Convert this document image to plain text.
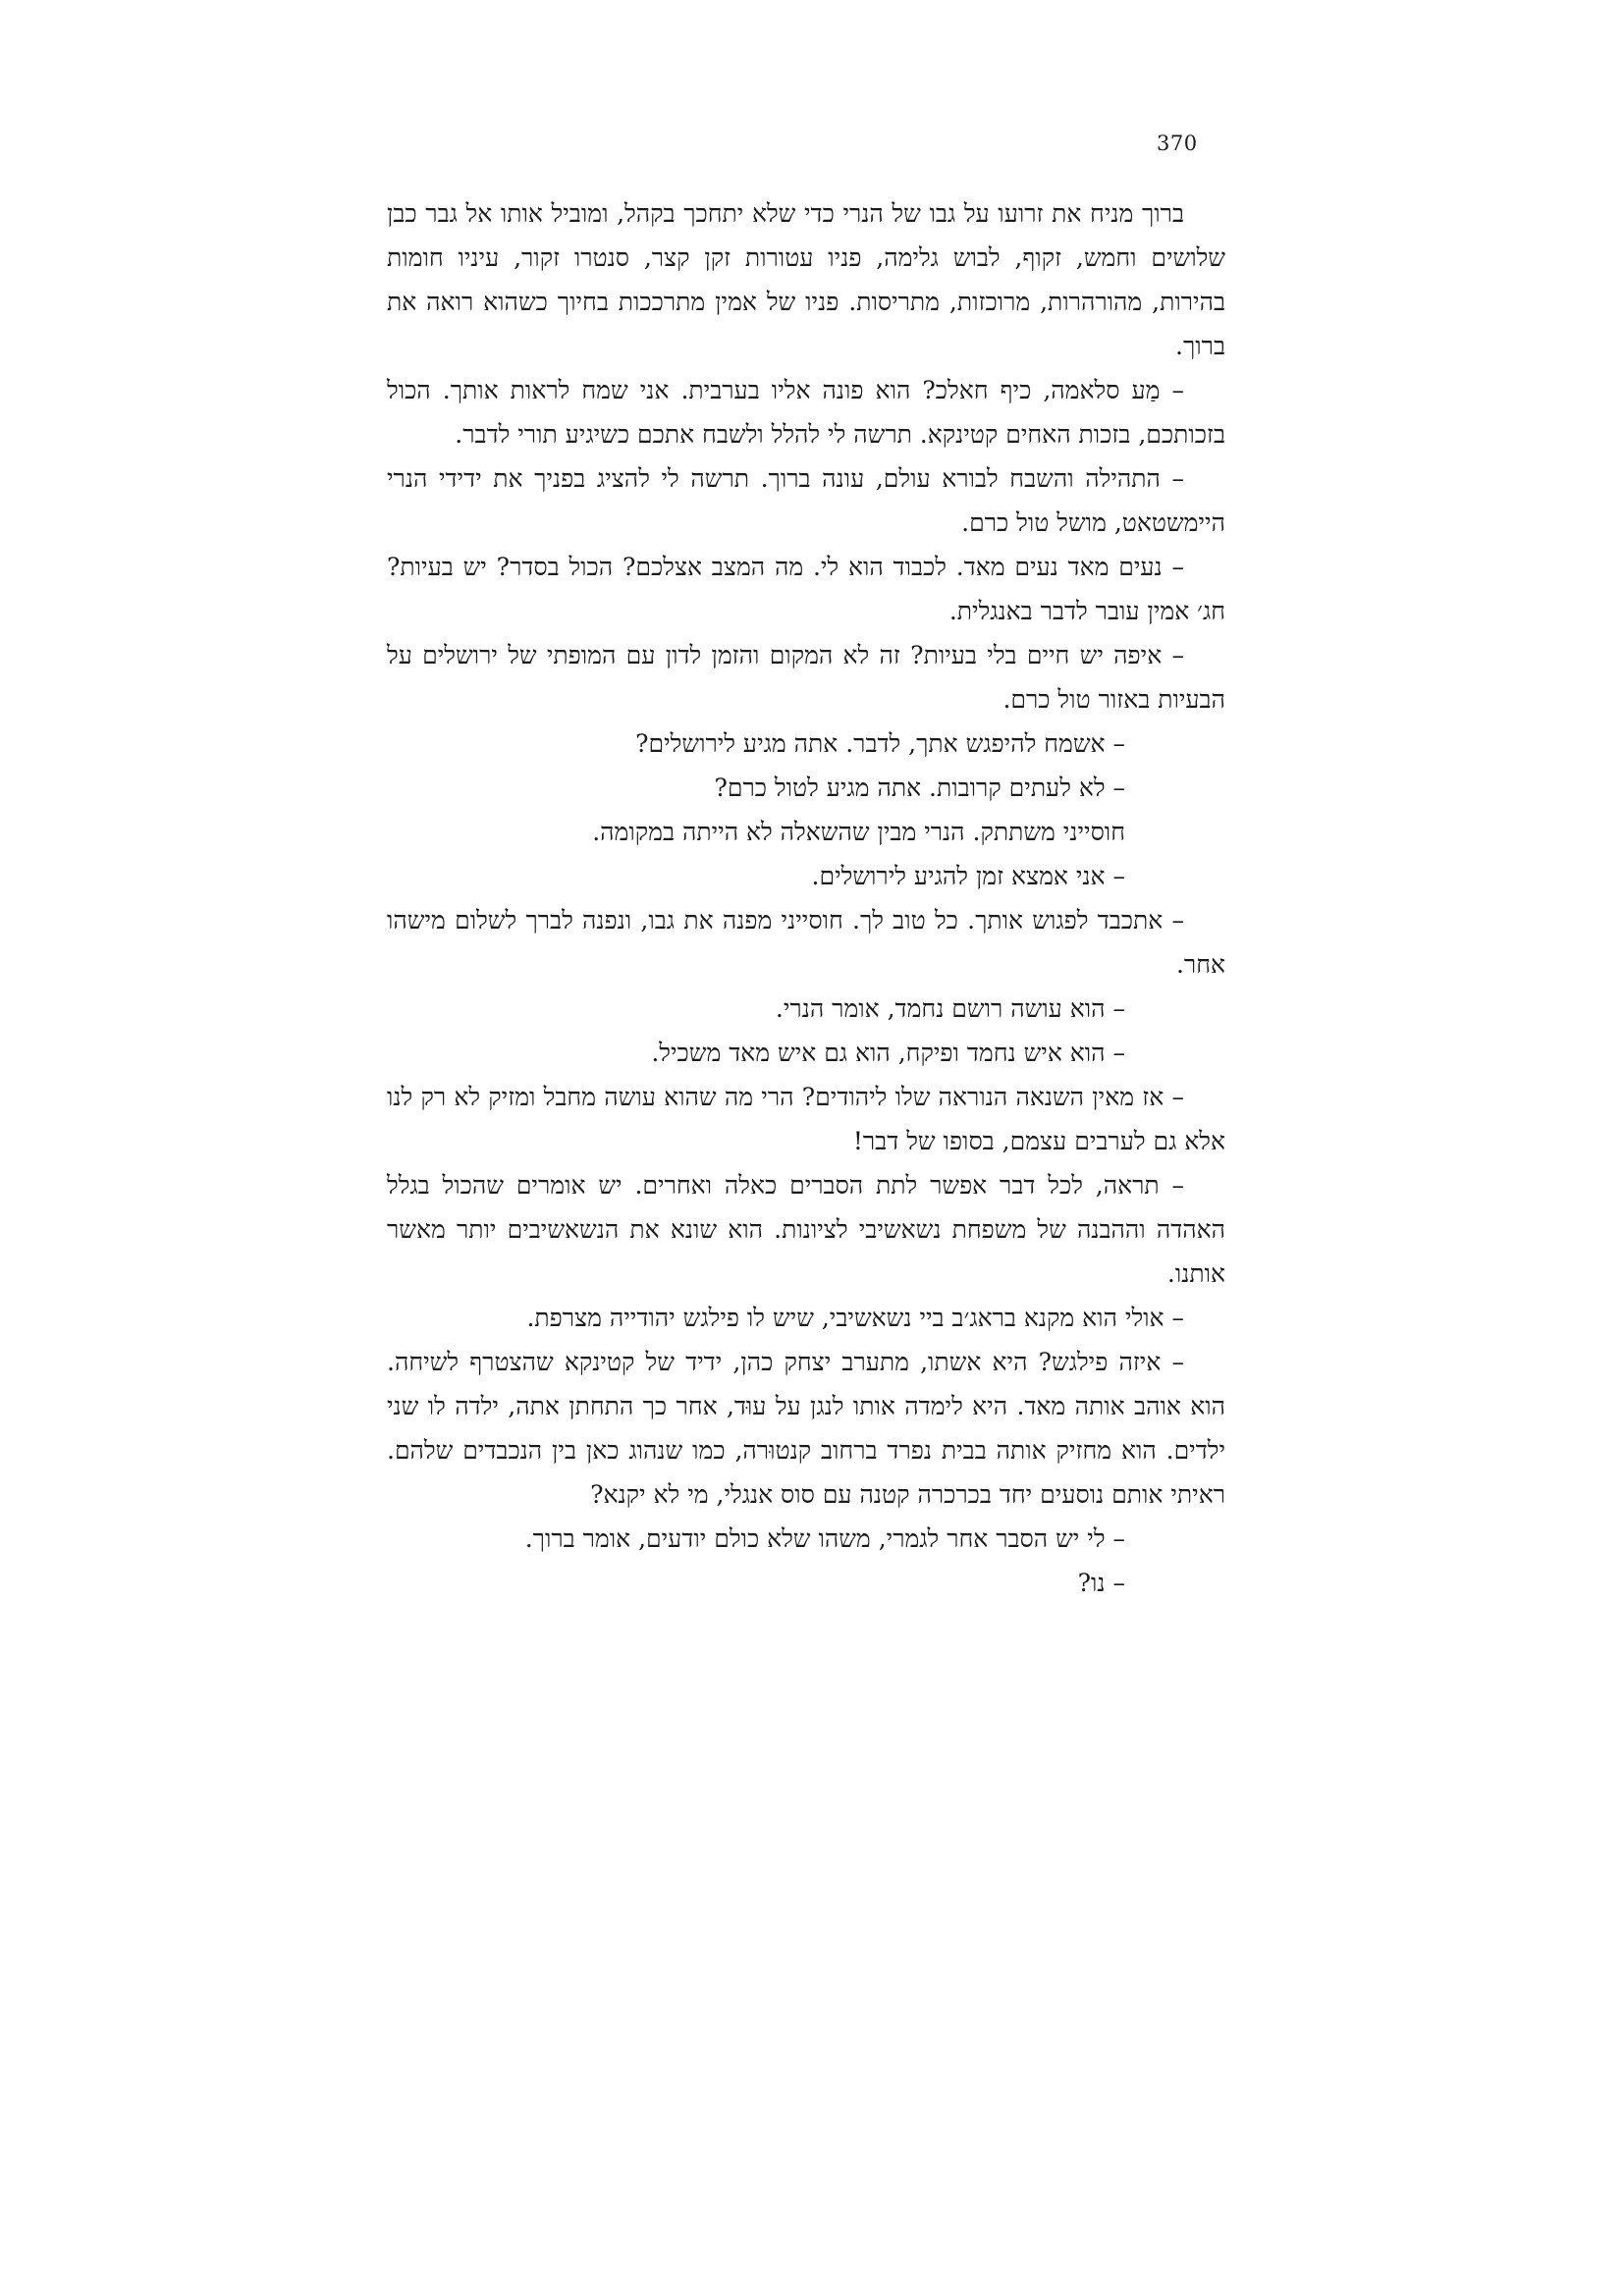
370

ברוך מניח את זרועו על גבו של הנרי כדי שלא יתחכך בקהל, ומוביל אותו אל גבר כבן שלושים וחמש, זקוף, לבוש גלימה, פניו עטורות זקן קצר, סנטרו זקור, עיניו חומות בהירות, מהורהרות, מרוכזות, מתריסות. פניו של אמין מתרככות בחיוך כשהוא רואה את ברוך.

– מַע סלאמה, כיף חאלכ? הוא פונה אליו בערבית. אני שמח לראות אותך. הכול בזכותכם, בזכות האחים קטינקא. תרשה לי להלל ולשבח אתכם כשיגיע תורי לדבר.

– התהילה והשבח לבורא עולם, עונה ברוך. תרשה לי להציג בפניך את ידידי הנרי היימשטאט, מושל טול כרם.

– נעים מאד נעים מאד. לכבוד הוא לי. מה המצב אצלכם? הכול בסדר? יש בעיות? חג׳ אמין עובר לדבר באנגלית.

– איפה יש חיים בלי בעיות? זה לא המקום והזמן לדון עם המופתי של ירושלים על הבעיות באזור טול כרם.

– אשמח להיפגש אתך, לדבר. אתה מגיע לירושלים?

– לא לעתים קרובות. אתה מגיע לטול כרם?

חוסייני משתתק. הנרי מבין שהשאלה לא הייתה במקומה.

– אני אמצא זמן להגיע לירושלים.

– אתכבד לפגוש אותך. כל טוב לך. חוסייני מפנה את גבו, ונפנה לברך לשלום מישהו אחר.

– הוא עושה רושם נחמד, אומר הנרי.

– הוא איש נחמד ופיקח, הוא גם איש מאד משכיל.

– אז מאין השנאה הנוראה שלו ליהודים? הרי מה שהוא עושה מחבל ומזיק לא רק לנו אלא גם לערבים עצמם, בסופו של דבר!

– תראה, לכל דבר אפשר לתת הסברים כאלה ואחרים. יש אומרים שהכול בגלל האהדה וההבנה של משפחת נשאשיבי לציונות. הוא שונא את הנשאשיבים יותר מאשר אותנו.

– אולי הוא מקנא בראג׳ב ביי נשאשיבי, שיש לו פילגש יהודייה מצרפת.

– איזה פילגש? היא אשתו, מתערב יצחק כהן, ידיד של קטינקא שהצטרף לשיחה. הוא אוהב אותה מאד. היא לימדה אותו לנגן על עוּד, אחר כך התחתן אתה, ילדה לו שני ילדים. הוא מחזיק אותה בבית נפרד ברחוב קנטוּרה, כמו שנהוג כאן בין הנכבדים שלהם. ראיתי אותם נוסעים יחד בכרכרה קטנה עם סוס אנגלי, מי לא יקנא?

– לי יש הסבר אחר לגמרי, משהו שלא כולם יודעים, אומר ברוך.

– נו?
